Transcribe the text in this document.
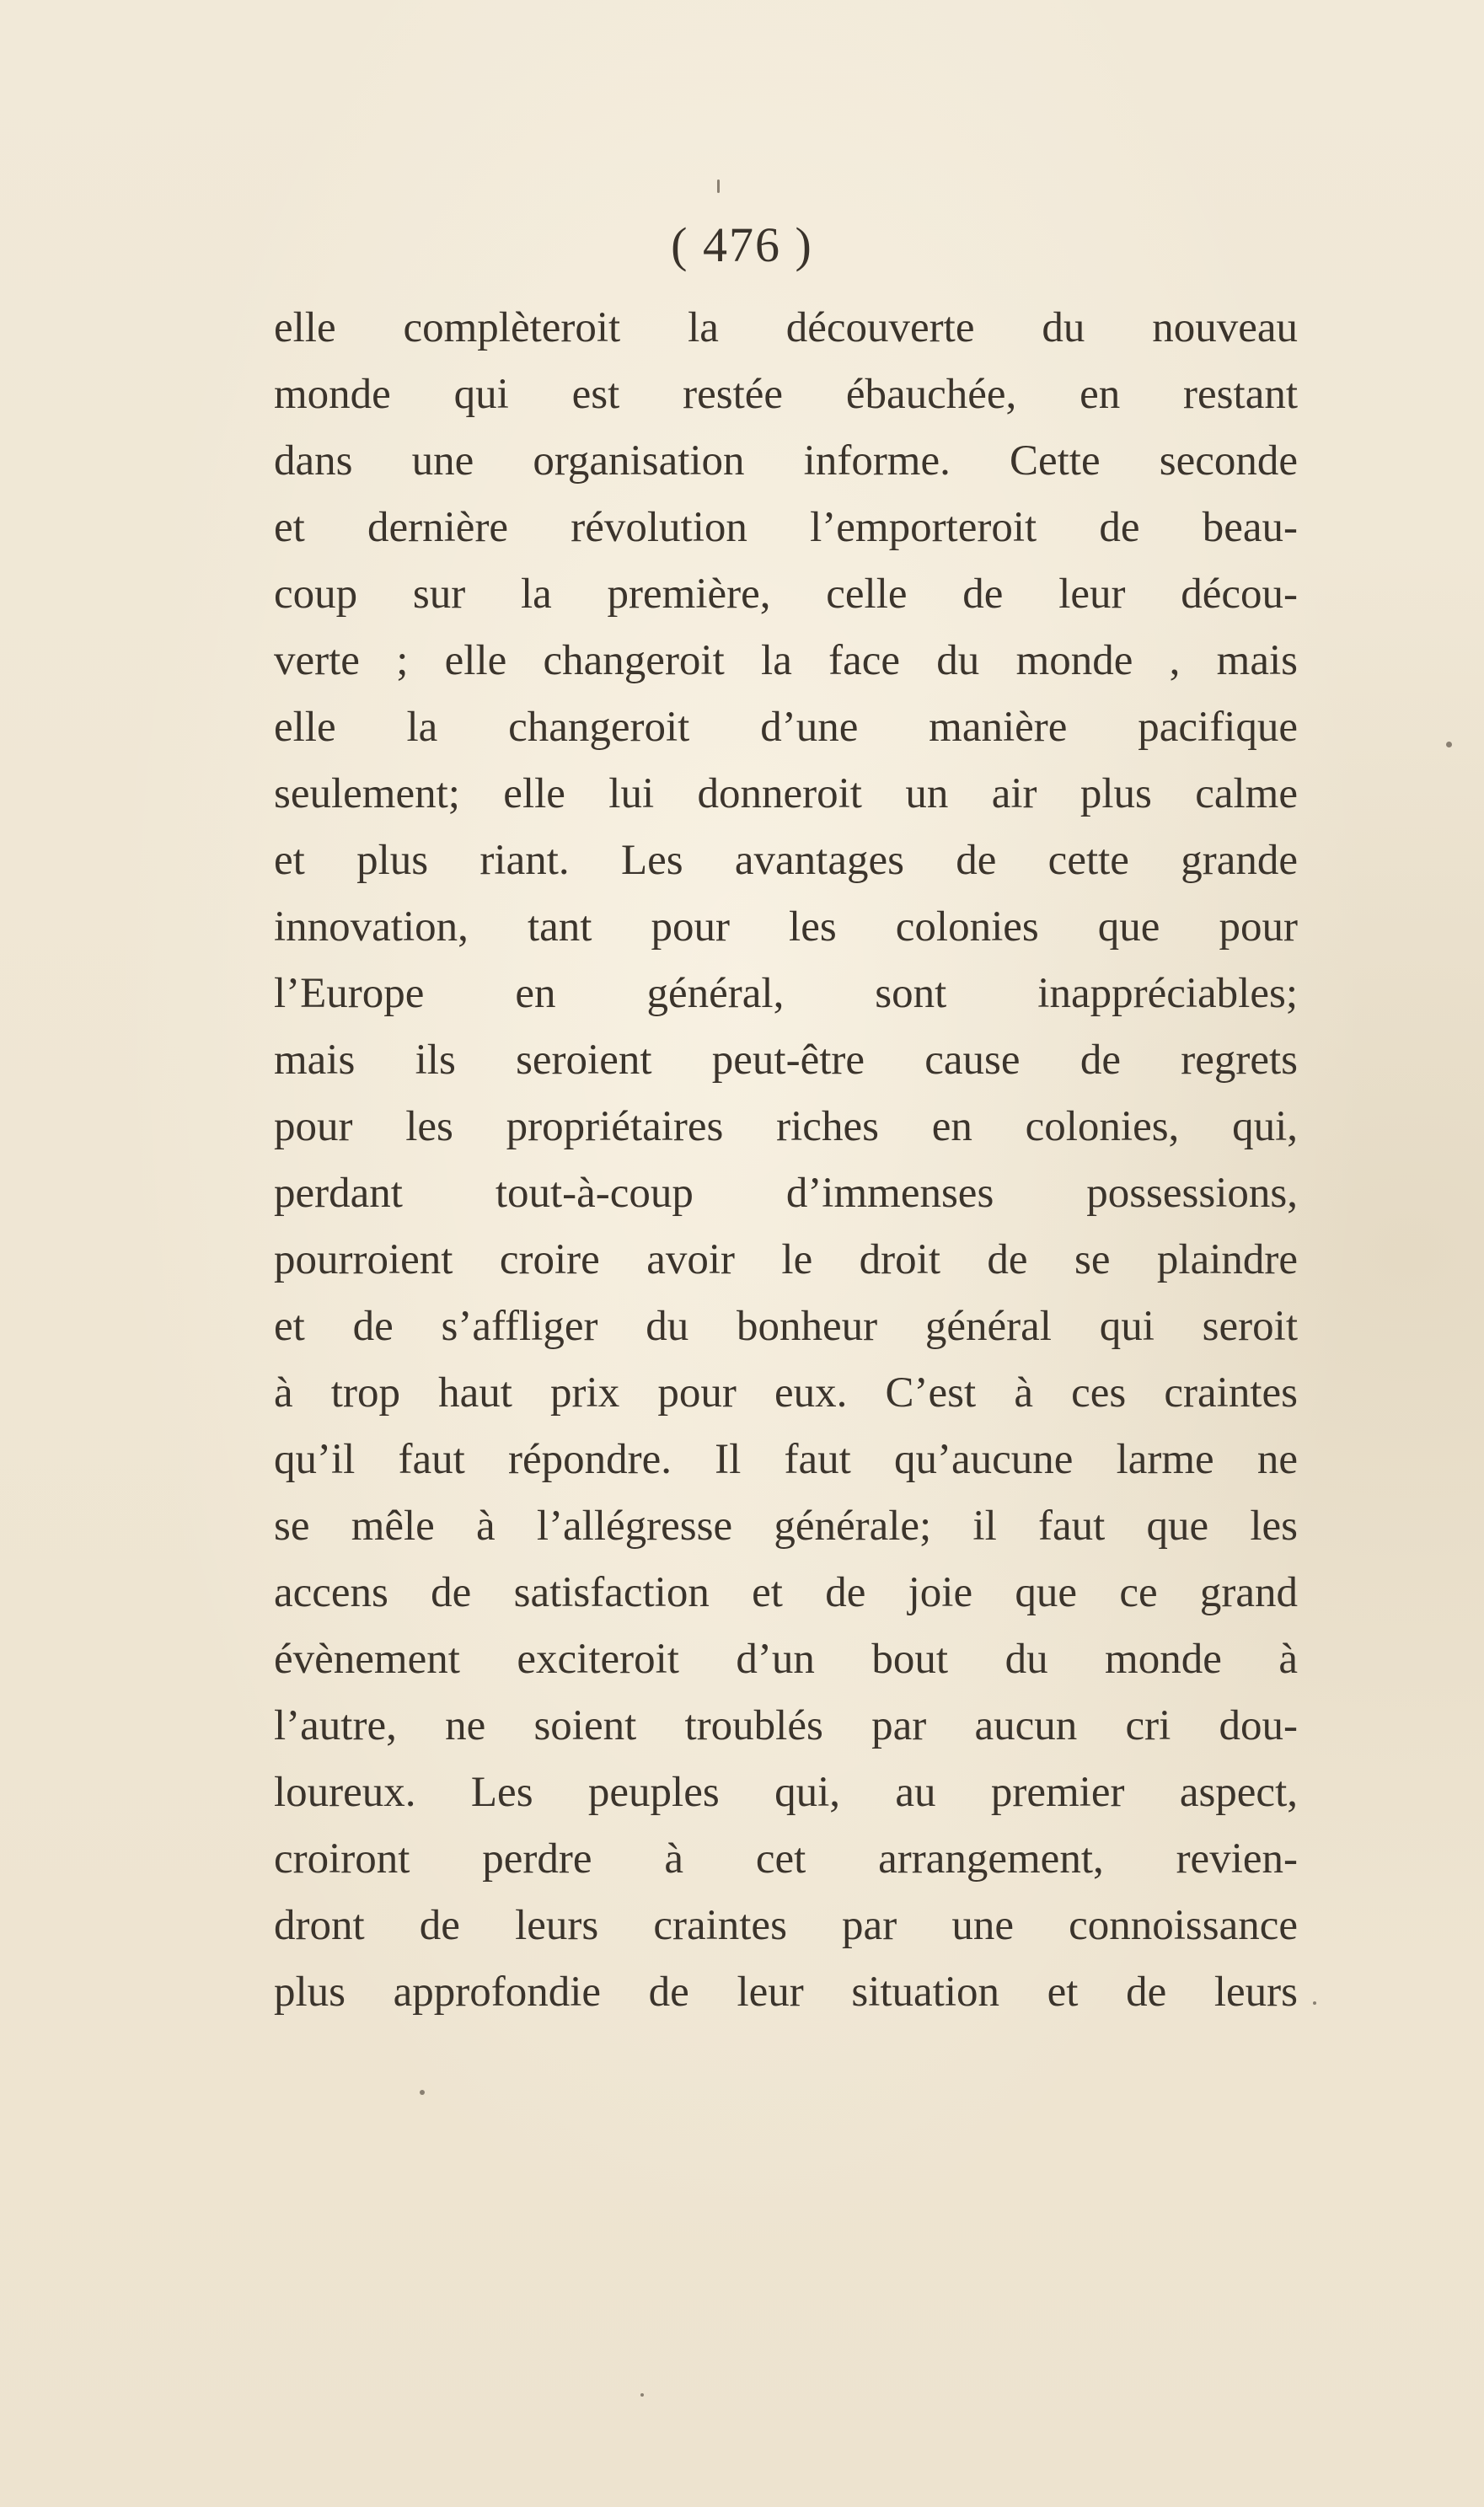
( 476 )
elle complèteroit la découverte du nouveau
monde qui est restée ébauchée, en restant
dans une organisation informe. Cette seconde
et dernière révolution l’emporteroit de beau-
coup sur la première, celle de leur décou-
verte ; elle changeroit la face du monde , mais
elle la changeroit d’une manière pacifique
seulement; elle lui donneroit un air plus calme
et plus riant. Les avantages de cette grande
innovation, tant pour les colonies que pour
l’Europe en général, sont inappréciables;
mais ils seroient peut-être cause de regrets
pour les propriétaires riches en colonies, qui,
perdant tout-à-coup d’immenses possessions,
pourroient croire avoir le droit de se plaindre
et de s’affliger du bonheur général qui seroit
à trop haut prix pour eux. C’est à ces craintes
qu’il faut répondre. Il faut qu’aucune larme ne
se mêle à l’allégresse générale; il faut que les
accens de satisfaction et de joie que ce grand
évènement exciteroit d’un bout du monde à
l’autre, ne soient troublés par aucun cri dou-
loureux. Les peuples qui, au premier aspect,
croiront perdre à cet arrangement, revien-
dront de leurs craintes par une connoissance
plus approfondie de leur situation et de leurs
